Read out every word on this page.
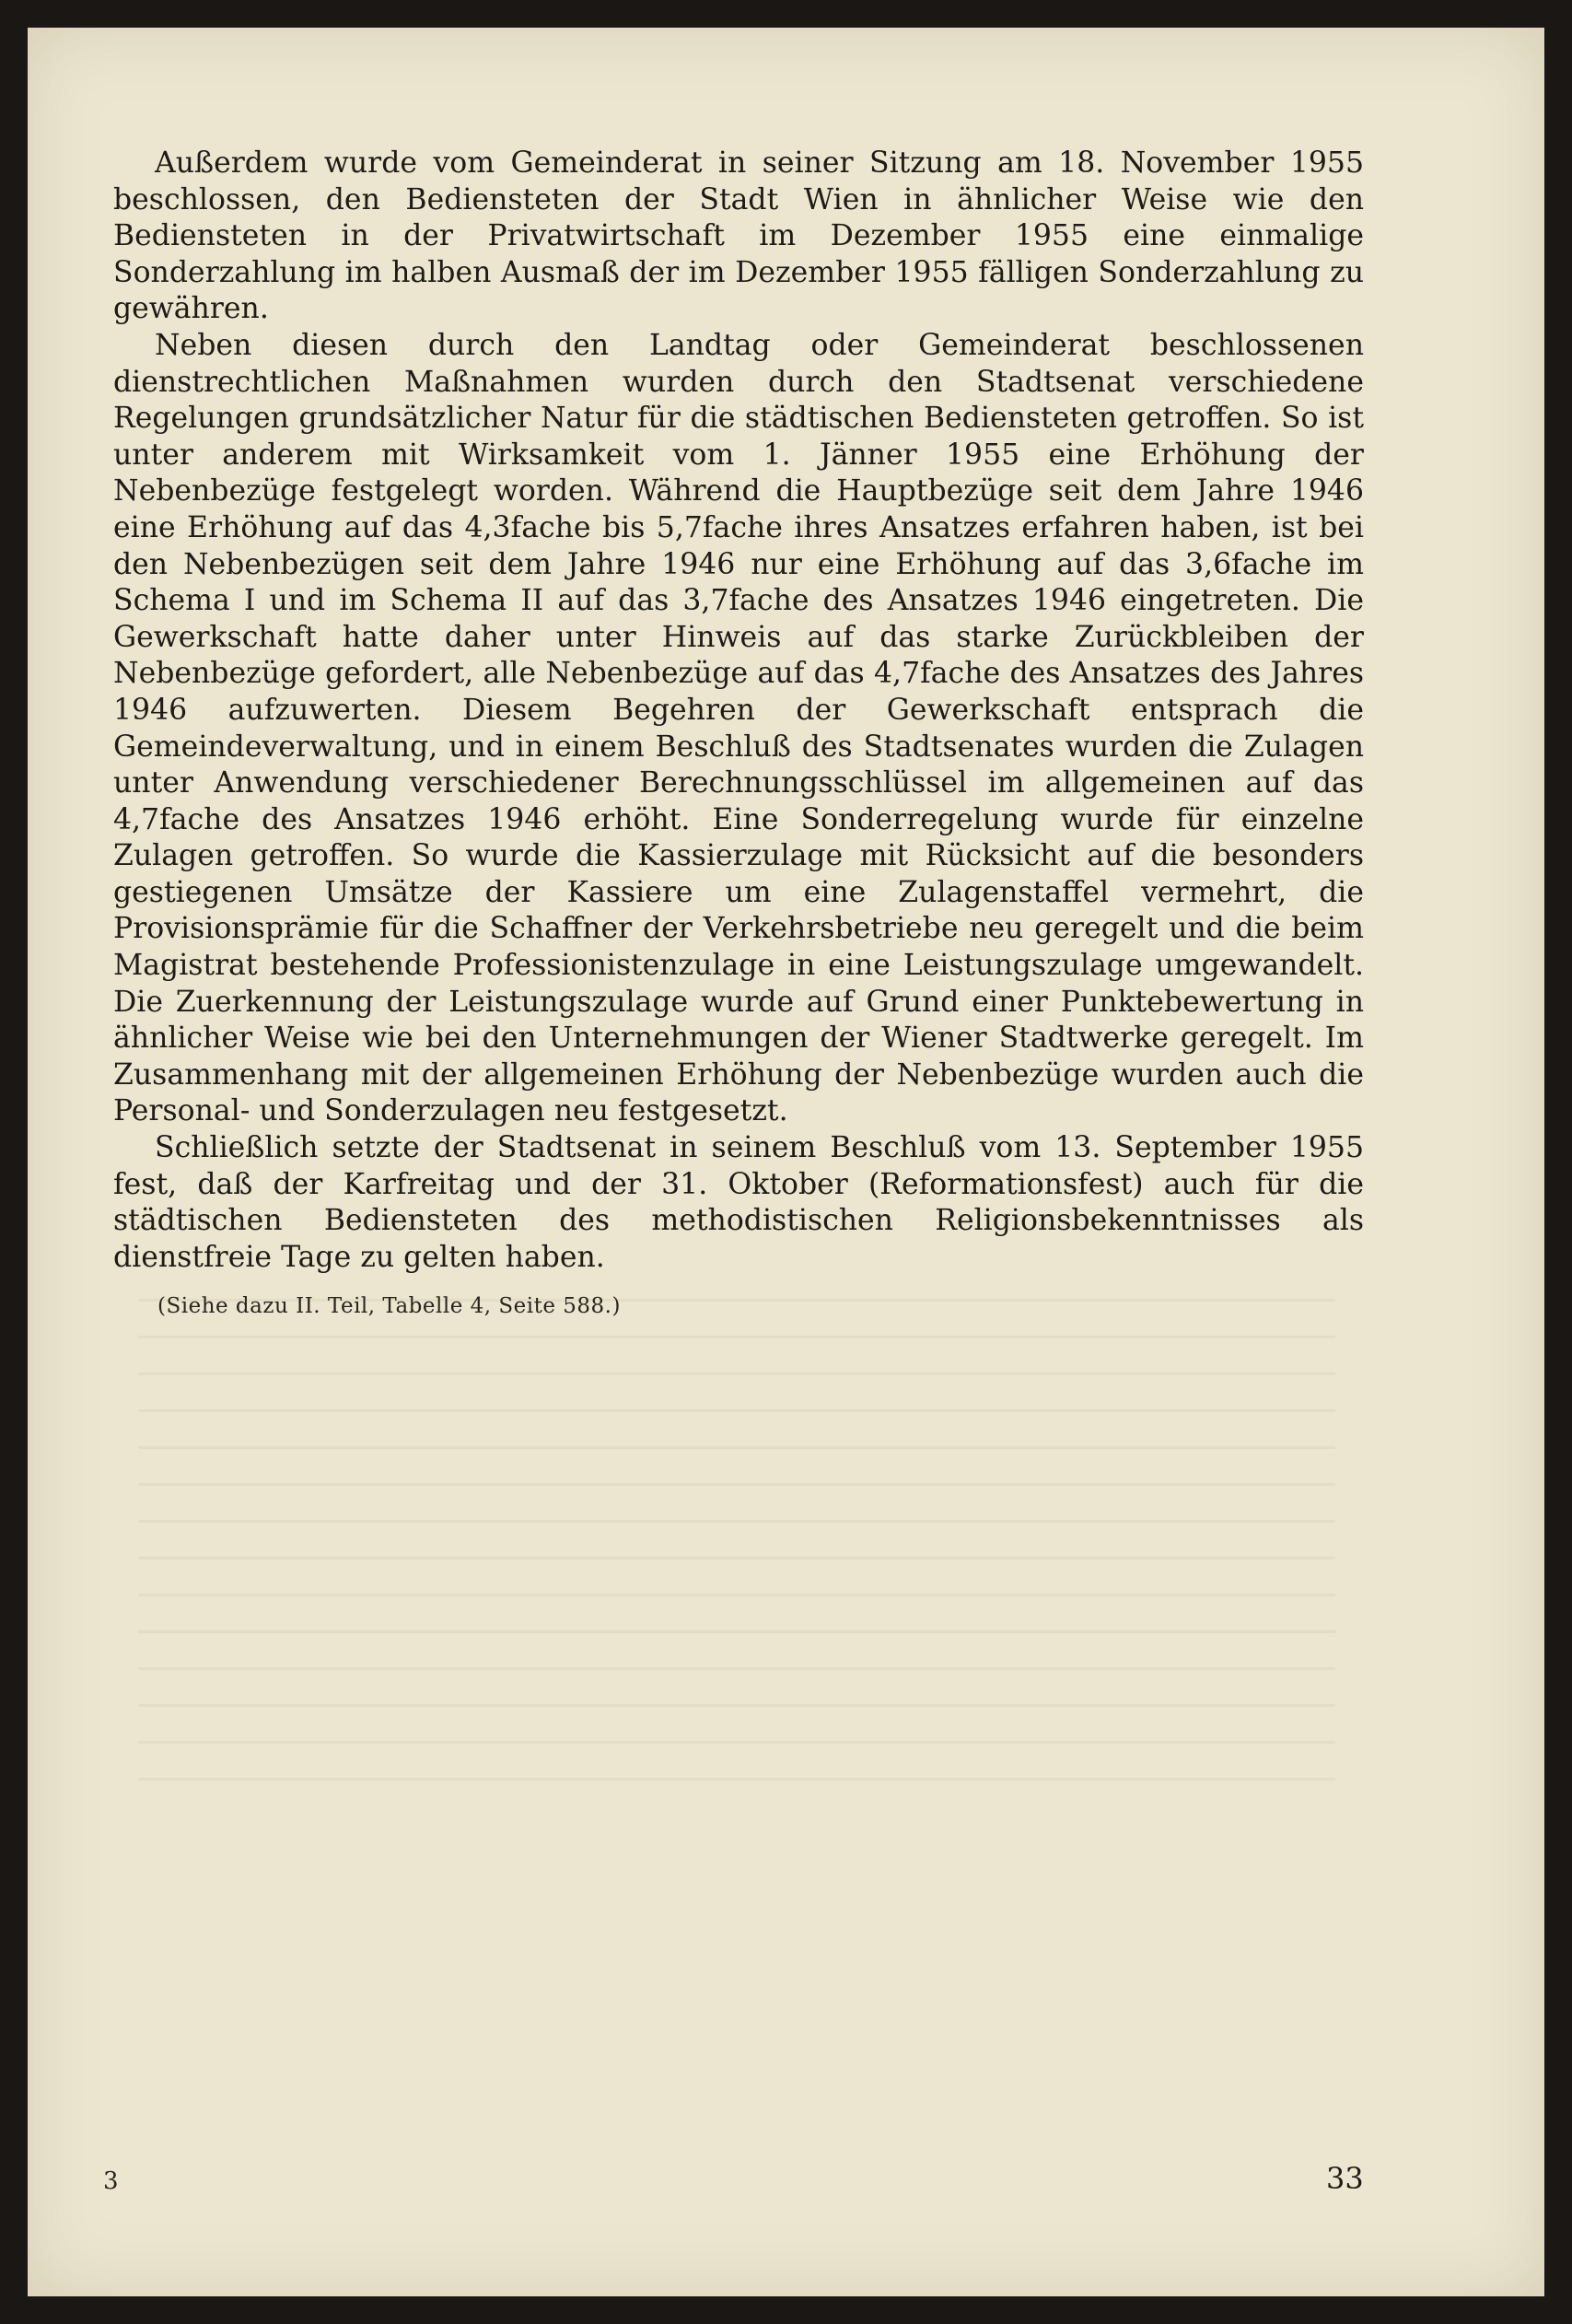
Außerdem wurde vom Gemeinderat in seiner Sitzung am 18. November 1955 beschlossen, den Bediensteten der Stadt Wien in ähnlicher Weise wie den Bediensteten in der Privatwirtschaft im Dezember 1955 eine einmalige Sonderzahlung im halben Ausmaß der im Dezember 1955 fälligen Sonderzahlung zu gewähren.

Neben diesen durch den Landtag oder Gemeinderat beschlossenen dienstrechtlichen Maßnahmen wurden durch den Stadtsenat verschiedene Regelungen grundsätzlicher Natur für die städtischen Bediensteten getroffen. So ist unter anderem mit Wirksamkeit vom 1. Jänner 1955 eine Erhöhung der Nebenbezüge festgelegt worden. Während die Hauptbezüge seit dem Jahre 1946 eine Erhöhung auf das 4,3fache bis 5,7fache ihres Ansatzes erfahren haben, ist bei den Nebenbezügen seit dem Jahre 1946 nur eine Erhöhung auf das 3,6fache im Schema I und im Schema II auf das 3,7fache des Ansatzes 1946 eingetreten. Die Gewerkschaft hatte daher unter Hinweis auf das starke Zurückbleiben der Nebenbezüge gefordert, alle Nebenbezüge auf das 4,7fache des Ansatzes des Jahres 1946 aufzuwerten. Diesem Begehren der Gewerkschaft entsprach die Gemeindeverwaltung, und in einem Beschluß des Stadtsenates wurden die Zulagen unter Anwendung verschiedener Berechnungsschlüssel im allgemeinen auf das 4,7fache des Ansatzes 1946 erhöht. Eine Sonderregelung wurde für einzelne Zulagen getroffen. So wurde die Kassierzulage mit Rücksicht auf die besonders gestiegenen Umsätze der Kassiere um eine Zulagenstaffel vermehrt, die Provisionsprämie für die Schaffner der Verkehrsbetriebe neu geregelt und die beim Magistrat bestehende Professionistenzulage in eine Leistungszulage umgewandelt. Die Zuerkennung der Leistungszulage wurde auf Grund einer Punktebewertung in ähnlicher Weise wie bei den Unternehmungen der Wiener Stadtwerke geregelt. Im Zusammenhang mit der allgemeinen Erhöhung der Nebenbezüge wurden auch die Personal- und Sonderzulagen neu festgesetzt.

Schließlich setzte der Stadtsenat in seinem Beschluß vom 13. September 1955 fest, daß der Karfreitag und der 31. Oktober (Reformationsfest) auch für die städtischen Bediensteten des methodistischen Religionsbekenntnisses als dienstfreie Tage zu gelten haben.

(Siehe dazu II. Teil, Tabelle 4, Seite 588.)
3	33
